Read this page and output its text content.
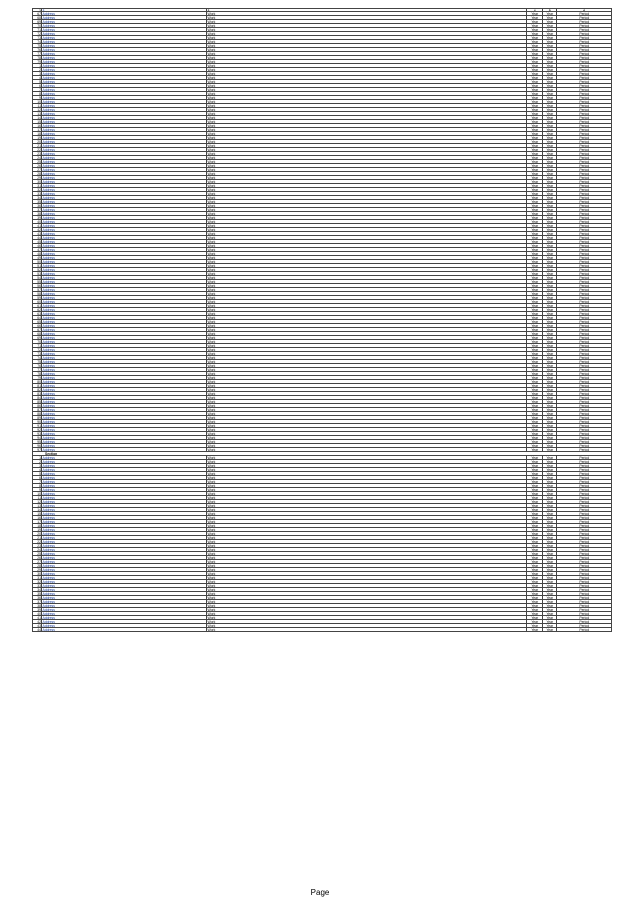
1 2	3	4	5	6
67 Address	Work	Year	Year	Period
68 Address	Work	Year	Year	Period
69 Address	Work	Year	Year	Period
70 Address	Work	Year	Year	Period
71 Address	Work	Year	Year	Period
72 Address	Work	Year	Year	Period
73 Address	Work	Year	Year	Period
74 Address	Work	Year	Year	Period
75 Address	Work	Year	Year	Period
76 Address	Work	Year	Year	Period
77 Address	Work	Year	Year	Period
78 Address	Work	Year	Year	Period
79 Address	Work	Year	Year	Period
1 Address	Work	Year	Year	Period
2 Address	Work	Year	Year	Period
3 Address	Work	Year	Year	Period
4 Address	Work	Year	Year	Period
5 Address	Work	Year	Year	Period
6 Address	Work	Year	Year	Period
7 Address	Work	Year	Year	Period
8 Address	Work	Year	Year	Period
9 Address	Work	Year	Year	Period
10 Address	Work	Year	Year	Period
11 Address	Work	Year	Year	Period
12 Address	Work	Year	Year	Period
13 Address	Work	Year	Year	Period
14 Address	Work	Year	Year	Period
15 Address	Work	Year	Year	Period
16 Address	Work	Year	Year	Period
17 Address	Work	Year	Year	Period
18 Address	Work	Year	Year	Period
19 Address	Work	Year	Year	Period
20 Address	Work	Year	Year	Period
21 Address	Work	Year	Year	Period
22 Address	Work	Year	Year	Period
23 Address	Work	Year	Year	Period
24 Address	Work	Year	Year	Period
25 Address	Work	Year	Year	Period
26 Address	Work	Year	Year	Period
27 Address	Work	Year	Year	Period
28 Address	Work	Year	Year	Period
29 Address	Work	Year	Year	Period
30 Address	Work	Year	Year	Period
31 Address	Work	Year	Year	Period
32 Address	Work	Year	Year	Period
33 Address	Work	Year	Year	Period
34 Address	Work	Year	Year	Period
35 Address	Work	Year	Year	Period
36 Address	Work	Year	Year	Period
37 Address	Work	Year	Year	Period
38 Address	Work	Year	Year	Period
39 Address	Work	Year	Year	Period
40 Address	Work	Year	Year	Period
41 Address	Work	Year	Year	Period
42 Address	Work	Year	Year	Period
43 Address	Work	Year	Year	Period
44 Address	Work	Year	Year	Period
45 Address	Work	Year	Year	Period
46 Address	Work	Year	Year	Period
47 Address	Work	Year	Year	Period
48 Address	Work	Year	Year	Period
49 Address	Work	Year	Year	Period
50 Address	Work	Year	Year	Period
51 Address	Work	Year	Year	Period
52 Address	Work	Year	Year	Period
53 Address	Work	Year	Year	Period
54 Address	Work	Year	Year	Period
55 Address	Work	Year	Year	Period
56 Address	Work	Year	Year	Period
57 Address	Work	Year	Year	Period
58 Address	Work	Year	Year	Period
59 Address	Work	Year	Year	Period
60 Address	Work	Year	Year	Period
61 Address	Work	Year	Year	Period
62 Address	Work	Year	Year	Period
63 Address	Work	Year	Year	Period
64 Address	Work	Year	Year	Period
65 Address	Work	Year	Year	Period
66 Address	Work	Year	Year	Period
67 Address	Work	Year	Year	Period
68 Address	Work	Year	Year	Period
69 Address	Work	Year	Year	Period
70 Address	Work	Year	Year	Period
71 Address	Work	Year	Year	Period
72 Address	Work	Year	Year	Period
73 Address	Work	Year	Year	Period
74 Address	Work	Year	Year	Period
75 Address	Work	Year	Year	Period
76 Address	Work	Year	Year	Period
77 Address	Work	Year	Year	Period
78 Address	Work	Year	Year	Period
79 Address	Work	Year	Year	Period
80 Address	Work	Year	Year	Period
81 Address	Work	Year	Year	Period
82 Address	Work	Year	Year	Period
83 Address	Work	Year	Year	Period
84 Address	Work	Year	Year	Period
85 Address	Work	Year	Year	Period
86 Address	Work	Year	Year	Period
87 Address	Work	Year	Year	Period
88 Address	Work	Year	Year	Period
89 Address	Work	Year	Year	Period
90 Address	Work	Year	Year	Period
91 Address	Work	Year	Year	Period
92 Address	Work	Year	Year	Period
93 Address	Work	Year	Year	Period
94 Address	Work	Year	Year	Period
95 Address	Work	Year	Year	Period
96 Address	Work	Year	Year	Period
97 Address	Work	Year	Year	Period
Section
1 Address	Work	Year	Year	Period
2 Address	Work	Year	Year	Period
3 Address	Work	Year	Year	Period
4 Address	Work	Year	Year	Period
5 Address	Work	Year	Year	Period
6 Address	Work	Year	Year	Period
7 Address	Work	Year	Year	Period
8 Address	Work	Year	Year	Period
9 Address	Work	Year	Year	Period
10 Address	Work	Year	Year	Period
11 Address	Work	Year	Year	Period
12 Address	Work	Year	Year	Period
13 Address	Work	Year	Year	Period
14 Address	Work	Year	Year	Period
15 Address	Work	Year	Year	Period
16 Address	Work	Year	Year	Period
17 Address	Work	Year	Year	Period
18 Address	Work	Year	Year	Period
19 Address	Work	Year	Year	Period
20 Address	Work	Year	Year	Period
21 Address	Work	Year	Year	Period
22 Address	Work	Year	Year	Period
23 Address	Work	Year	Year	Period
24 Address	Work	Year	Year	Period
25 Address	Work	Year	Year	Period
26 Address	Work	Year	Year	Period
27 Address	Work	Year	Year	Period
28 Address	Work	Year	Year	Period
29 Address	Work	Year	Year	Period
30 Address	Work	Year	Year	Period
31 Address	Work	Year	Year	Period
32 Address	Work	Year	Year	Period
33 Address	Work	Year	Year	Period
34 Address	Work	Year	Year	Period
35 Address	Work	Year	Year	Period
36 Address	Work	Year	Year	Period
37 Address	Work	Year	Year	Period
38 Address	Work	Year	Year	Period
39 Address	Work	Year	Year	Period
40 Address	Work	Year	Year	Period
41 Address	Work	Year	Year	Period
42 Address	Work	Year	Year	Period
43 Address	Work	Year	Year	Period
44 Address	Work	Year	Year	Period
Page
